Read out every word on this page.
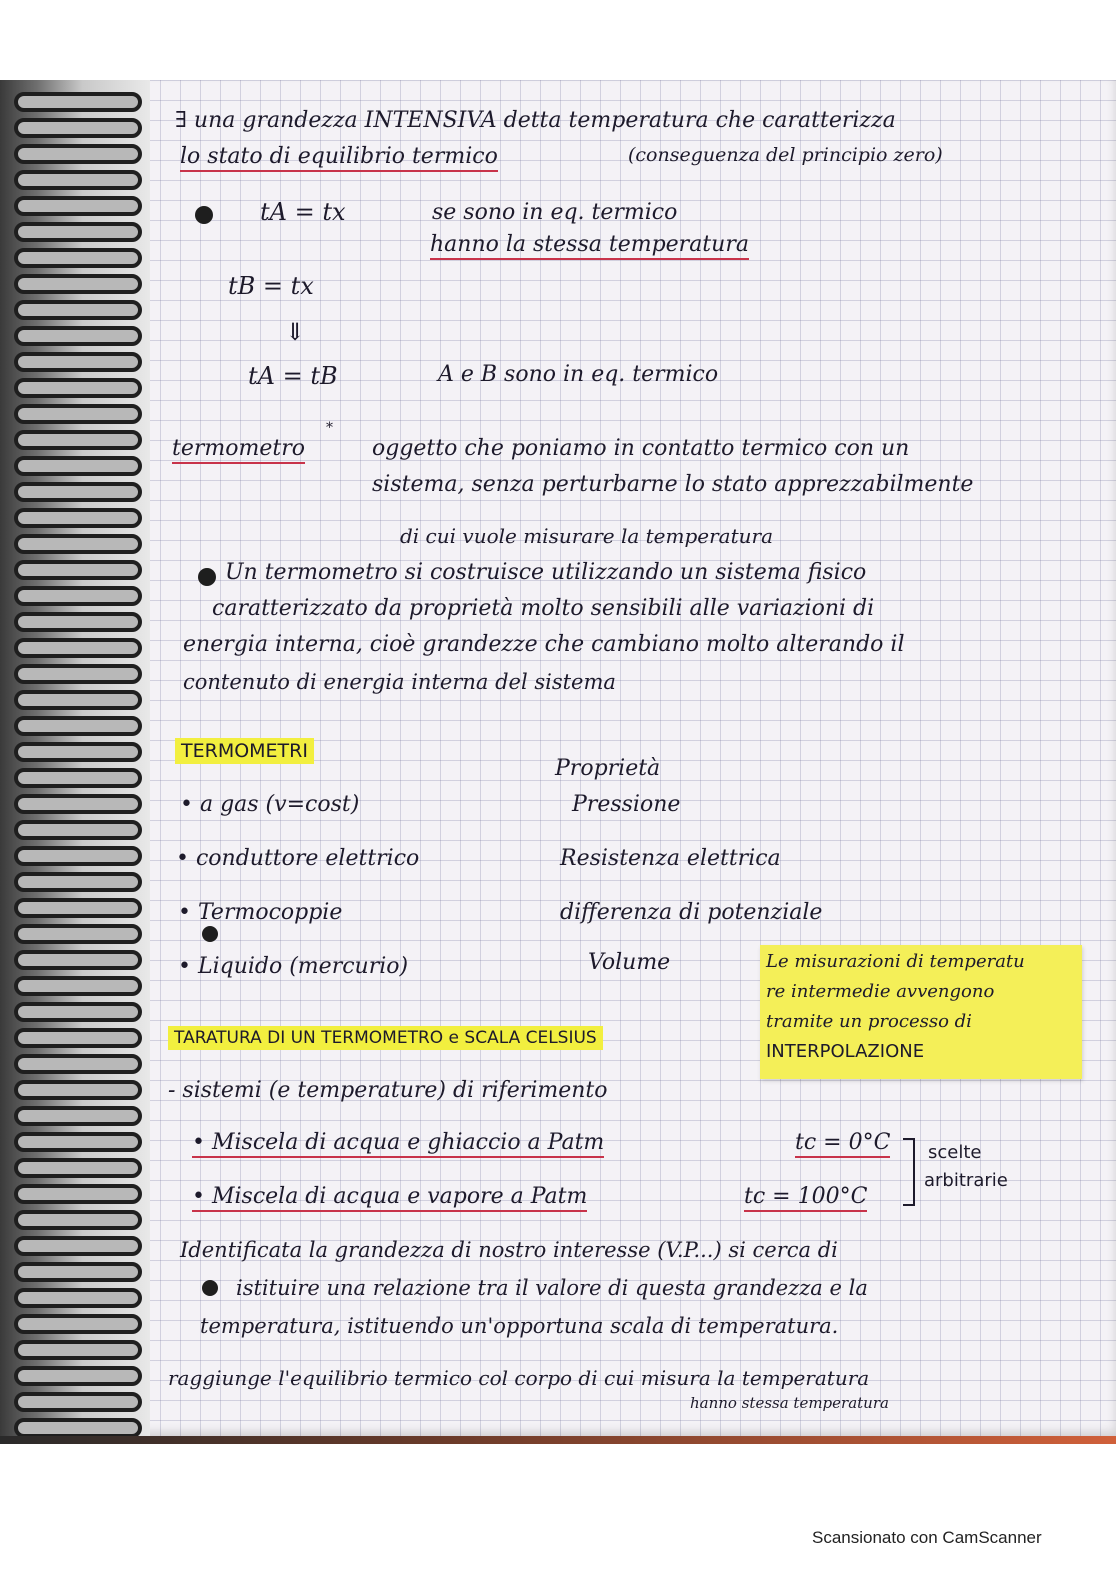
∃ una grandezza INTENSIVA detta temperatura che caratterizza
lo stato di equilibrio termico	(conseguenza del principio zero)
tA = tx	se sono in eq. termico
hanno la stessa temperatura
tB = tx
⇓
tA = tB	A e B sono in eq. termico
termometro
*
oggetto che poniamo in contatto termico con un
sistema, senza perturbarne lo stato apprezzabilmente
di cui vuole misurare la temperatura
Un termometro si costruisce utilizzando un sistema fisico
caratterizzato da proprietà molto sensibili alle variazioni di
energia interna, cioè grandezze che cambiano molto alterando il
contenuto di energia interna del sistema
TERMOMETRI
Proprietà
• a gas (v=cost)	Pressione
• conduttore elettrico	Resistenza elettrica
• Termocoppie	differenza di potenziale
• Liquido (mercurio)	Volume
TARATURA DI UN TERMOMETRO e SCALA CELSIUS
- sistemi (e temperature) di riferimento
• Miscela di acqua e ghiaccio a Patm	tc = 0°C
• Miscela di acqua e vapore a Patm	tc = 100°C
scelte
arbitrarie
Identificata la grandezza di nostro interesse (V.P...) si cerca di
istituire una relazione tra il valore di questa grandezza e la
temperatura, istituendo un'opportuna scala di temperatura.
raggiunge l'equilibrio termico col corpo di cui misura la temperatura
hanno stessa temperatura
Le misurazioni di temperatu
re intermedie avvengono
tramite un processo di
INTERPOLAZIONE
Scansionato con CamScanner
